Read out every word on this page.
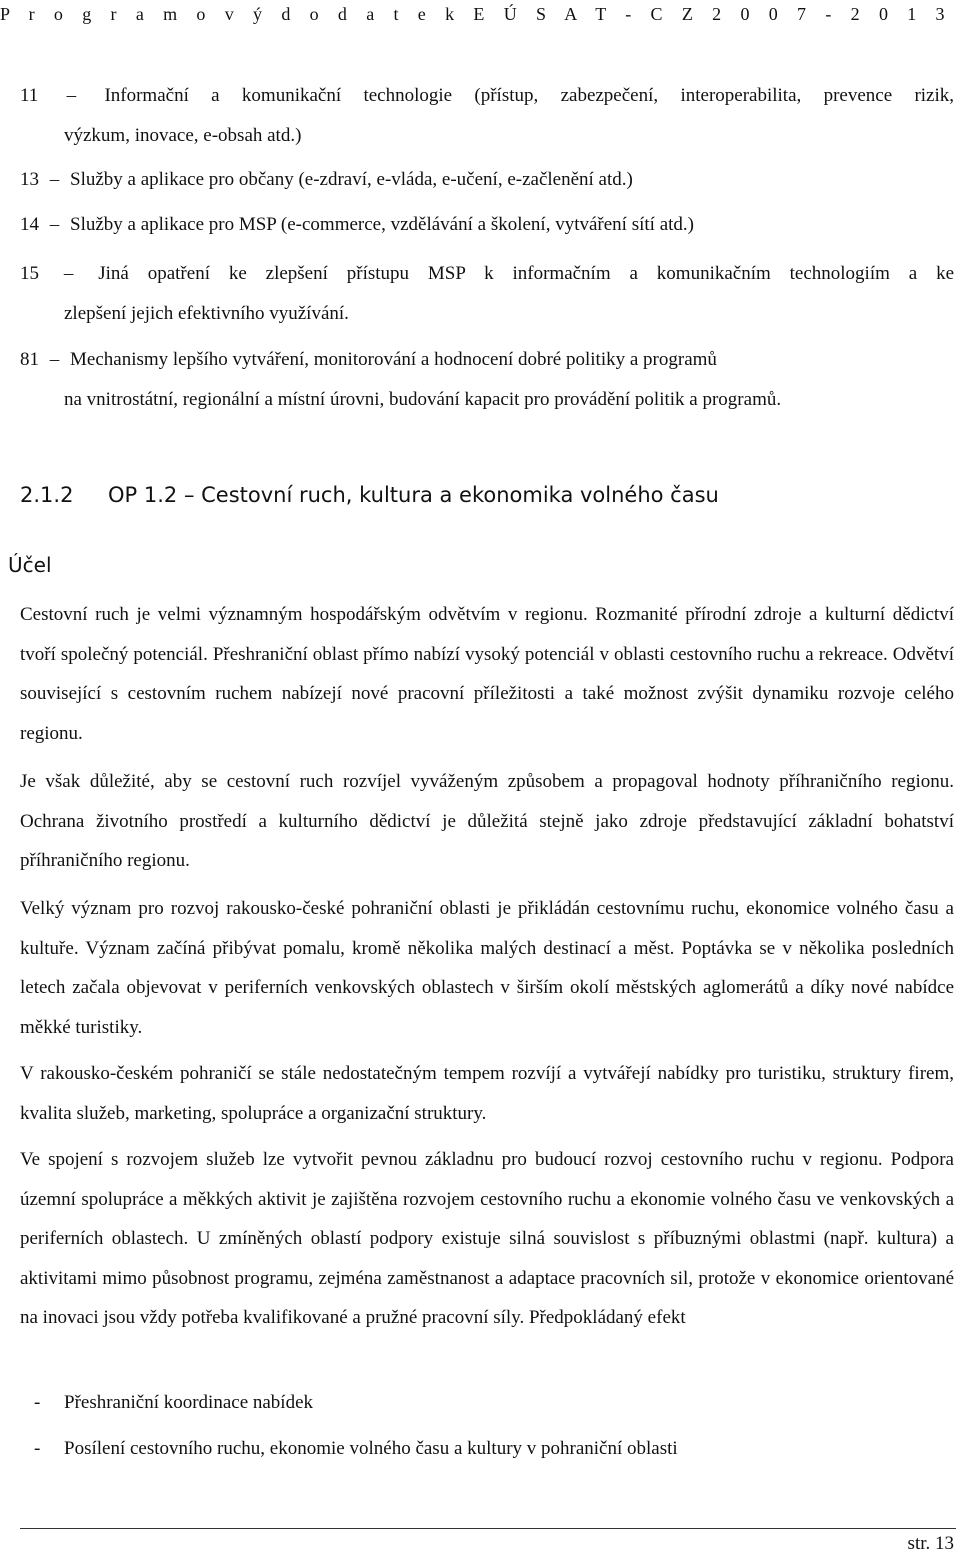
P r o g r a m o v ý d o d a t e k E Ú S A T - C Z 2 0 0 7 - 2 0 1 3
11 – Informační a komunikační technologie (přístup, zabezpečení, interoperabilita, prevence rizik,
výzkum, inovace, e-obsah atd.)
13 – Služby a aplikace pro občany (e-zdraví, e-vláda, e-učení, e-začlenění atd.)
14 – Služby a aplikace pro MSP (e-commerce, vzdělávání a školení, vytváření sítí atd.)
15 – Jiná opatření ke zlepšení přístupu MSP k informačním a komunikačním technologiím a ke
zlepšení jejich efektivního využívání.
81 – Mechanismy lepšího vytváření, monitorování a hodnocení dobré politiky a programů
na vnitrostátní, regionální a místní úrovni, budování kapacit pro provádění politik a programů.
2.1.2 OP 1.2 – Cestovní ruch, kultura a ekonomika volného času
Účel
Cestovní ruch je velmi významným hospodářským odvětvím v regionu. Rozmanité přírodní zdroje a kulturní dědictví tvoří společný potenciál. Přeshraniční oblast přímo nabízí vysoký potenciál v oblasti cestovního ruchu a rekreace. Odvětví související s cestovním ruchem nabízejí nové pracovní příležitosti a také možnost zvýšit dynamiku rozvoje celého regionu.
Je však důležité, aby se cestovní ruch rozvíjel vyváženým způsobem a propagoval hodnoty příhraničního regionu. Ochrana životního prostředí a kulturního dědictví je důležitá stejně jako zdroje představující základní bohatství příhraničního regionu.
Velký význam pro rozvoj rakousko-české pohraniční oblasti je přikládán cestovnímu ruchu, ekonomice volného času a kultuře. Význam začíná přibývat pomalu, kromě několika malých destinací a měst. Poptávka se v několika posledních letech začala objevovat v periferních venkovských oblastech v širším okolí městských aglomerátů a díky nové nabídce měkké turistiky.
V rakousko-českém pohraničí se stále nedostatečným tempem rozvíjí a vytvářejí nabídky pro turistiku, struktury firem, kvalita služeb, marketing, spolupráce a organizační struktury.
Ve spojení s rozvojem služeb lze vytvořit pevnou základnu pro budoucí rozvoj cestovního ruchu v regionu. Podpora územní spolupráce a měkkých aktivit je zajištěna rozvojem cestovního ruchu a ekonomie volného času ve venkovských a periferních oblastech. U zmíněných oblastí podpory existuje silná souvislost s příbuznými oblastmi (např. kultura) a aktivitami mimo působnost programu, zejména zaměstnanost a adaptace pracovních sil, protože v ekonomice orientované na inovaci jsou vždy potřeba kvalifikované a pružné pracovní síly. Předpokládaný efekt
- Přeshraniční koordinace nabídek
- Posílení cestovního ruchu, ekonomie volného času a kultury v pohraniční oblasti
str. 13
